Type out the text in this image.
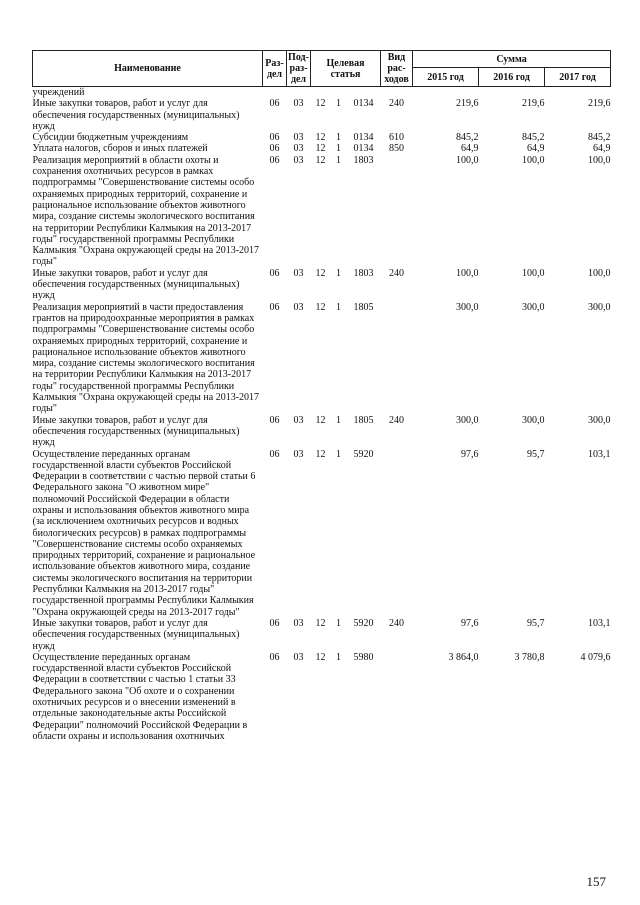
Наименование	Раз-дел	Под-раз-дел	Целевая статья			Вид рас-ходов	Сумма		
							2015 год	2016 год	2017 год
учреждений									
Иные закупки товаров, работ и услуг для обеспечения государственных (муниципальных) нужд	06	03	12	1	0134	240	219,6	219,6	219,6
Субсидии бюджетным учреждениям	06	03	12	1	0134	610	845,2	845,2	845,2
Уплата налогов, сборов и иных платежей	06	03	12	1	0134	850	64,9	64,9	64,9
Реализация мероприятий в области охоты и сохранения охотничьих ресурсов в рамках подпрограммы "Совершенствование системы особо охраняемых природных территорий, сохранение и рациональное использование объектов животного мира, создание системы экологического воспитания на территории Республики Калмыкия на 2013-2017 годы" государственной программы Республики Калмыкия "Охрана окружающей среды на 2013-2017 годы"	06	03	12	1	1803		100,0	100,0	100,0
Иные закупки товаров, работ и услуг для обеспечения государственных (муниципальных) нужд	06	03	12	1	1803	240	100,0	100,0	100,0
Реализация мероприятий в части предоставления грантов на природоохранные мероприятия в рамках подпрограммы "Совершенствование системы особо охраняемых природных территорий, сохранение и рациональное использование объектов животного мира, создание системы экологического воспитания на территории Республики Калмыкия на 2013-2017 годы" государственной программы Республики Калмыкия "Охрана окружающей среды на 2013-2017 годы"	06	03	12	1	1805		300,0	300,0	300,0
Иные закупки товаров, работ и услуг для обеспечения государственных (муниципальных) нужд	06	03	12	1	1805	240	300,0	300,0	300,0
Осуществление переданных органам государственной власти субъектов Российской Федерации в соответствии с частью первой статьи 6 Федерального закона "О животном мире" полномочий Российской Федерации в области охраны и использования объектов животного мира (за исключением охотничьих ресурсов и водных биологических ресурсов) в рамках подпрограммы "Совершенствование системы особо охраняемых природных территорий, сохранение и рациональное использование объектов животного мира, создание системы экологического воспитания на территории Республики Калмыкия на 2013-2017 годы" государственной программы Республики Калмыкия "Охрана окружающей среды на 2013-2017 годы"	06	03	12	1	5920		97,6	95,7	103,1
Иные закупки товаров, работ и услуг для обеспечения государственных (муниципальных) нужд	06	03	12	1	5920	240	97,6	95,7	103,1
Осуществление переданных органам государственной власти субъектов Российской Федерации в соответствии с частью 1 статьи 33 Федерального закона "Об охоте и о сохранении охотничьих ресурсов и о внесении изменений в отдельные законодательные акты Российской Федерации" полномочий Российской Федерации в области охраны и использования охотничьих	06	03	12	1	5980		3 864,0	3 780,8	4 079,6
157
